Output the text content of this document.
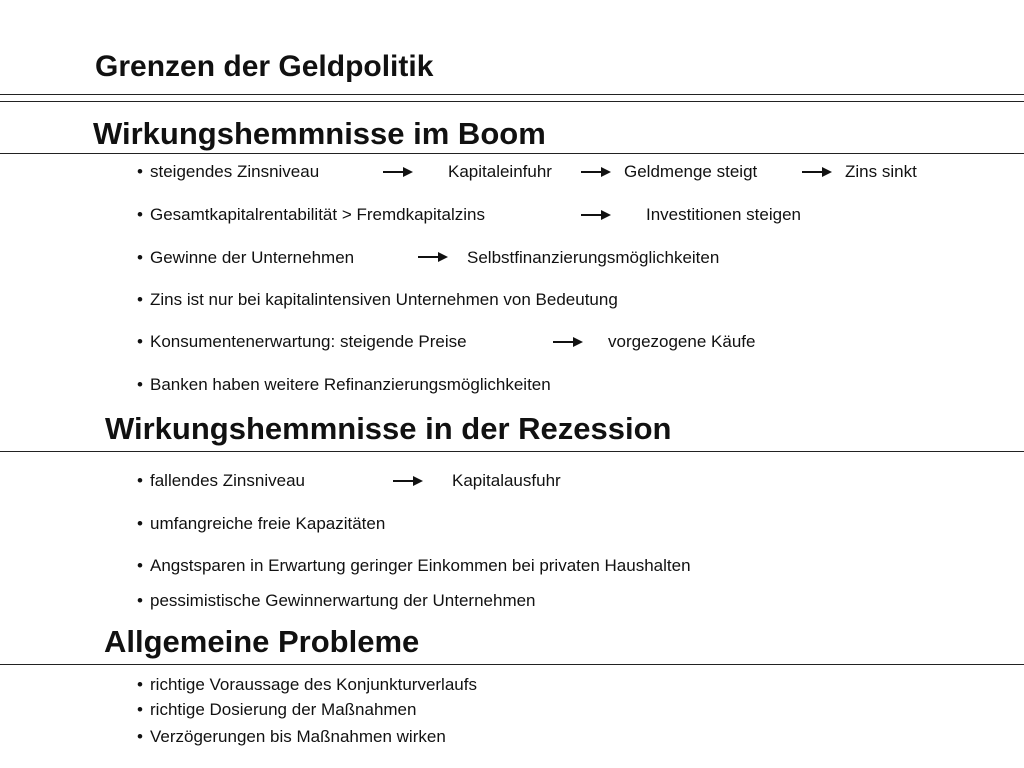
Grenzen der Geldpolitik
Wirkungshemmnisse im Boom
• steigendes Zinsniveau	Kapitaleinfuhr	Geldmenge steigt	Zins sinkt
• Gesamtkapitalrentabilität > Fremdkapitalzins	Investitionen steigen
• Gewinne der Unternehmen	Selbstfinanzierungsmöglichkeiten
• Zins ist nur bei kapitalintensiven Unternehmen von Bedeutung
• Konsumentenerwartung: steigende Preise	vorgezogene Käufe
• Banken haben weitere Refinanzierungsmöglichkeiten
Wirkungshemmnisse in der Rezession
• fallendes Zinsniveau	Kapitalausfuhr
• umfangreiche freie Kapazitäten
• Angstsparen in Erwartung geringer Einkommen bei privaten Haushalten
• pessimistische Gewinnerwartung der Unternehmen
Allgemeine Probleme
• richtige Voraussage des Konjunkturverlaufs
• richtige Dosierung der Maßnahmen
• Verzögerungen bis Maßnahmen wirken
